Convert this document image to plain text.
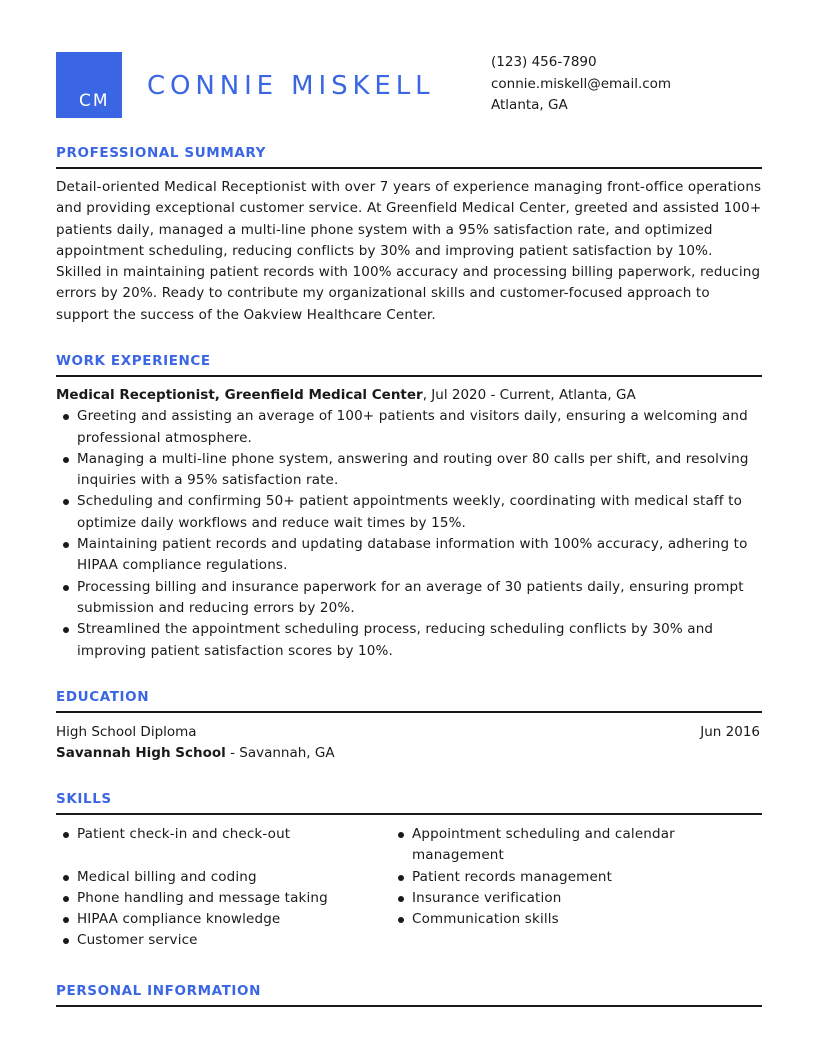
CM	CONNIE MISKELL
(123) 456-7890
connie.miskell@email.com
Atlanta, GA
PROFESSIONAL SUMMARY
Detail-oriented Medical Receptionist with over 7 years of experience managing front-office operations and providing exceptional customer service. At Greenfield Medical Center, greeted and assisted 100+ patients daily, managed a multi-line phone system with a 95% satisfaction rate, and optimized appointment scheduling, reducing conflicts by 30% and improving patient satisfaction by 10%. Skilled in maintaining patient records with 100% accuracy and processing billing paperwork, reducing errors by 20%. Ready to contribute my organizational skills and customer-focused approach to support the success of the Oakview Healthcare Center.
WORK EXPERIENCE
Medical Receptionist, Greenfield Medical Center, Jul 2020 - Current, Atlanta, GA
Greeting and assisting an average of 100+ patients and visitors daily, ensuring a welcoming and professional atmosphere.
Managing a multi-line phone system, answering and routing over 80 calls per shift, and resolving inquiries with a 95% satisfaction rate.
Scheduling and confirming 50+ patient appointments weekly, coordinating with medical staff to optimize daily workflows and reduce wait times by 15%.
Maintaining patient records and updating database information with 100% accuracy, adhering to HIPAA compliance regulations.
Processing billing and insurance paperwork for an average of 30 patients daily, ensuring prompt submission and reducing errors by 20%.
Streamlined the appointment scheduling process, reducing scheduling conflicts by 30% and improving patient satisfaction scores by 10%.
EDUCATION
High School Diploma	Jun 2016
Savannah High School - Savannah, GA
SKILLS
Patient check-in and check-out
Medical billing and coding
Phone handling and message taking
HIPAA compliance knowledge
Customer service
Appointment scheduling and calendar management
Patient records management
Insurance verification
Communication skills
PERSONAL INFORMATION
